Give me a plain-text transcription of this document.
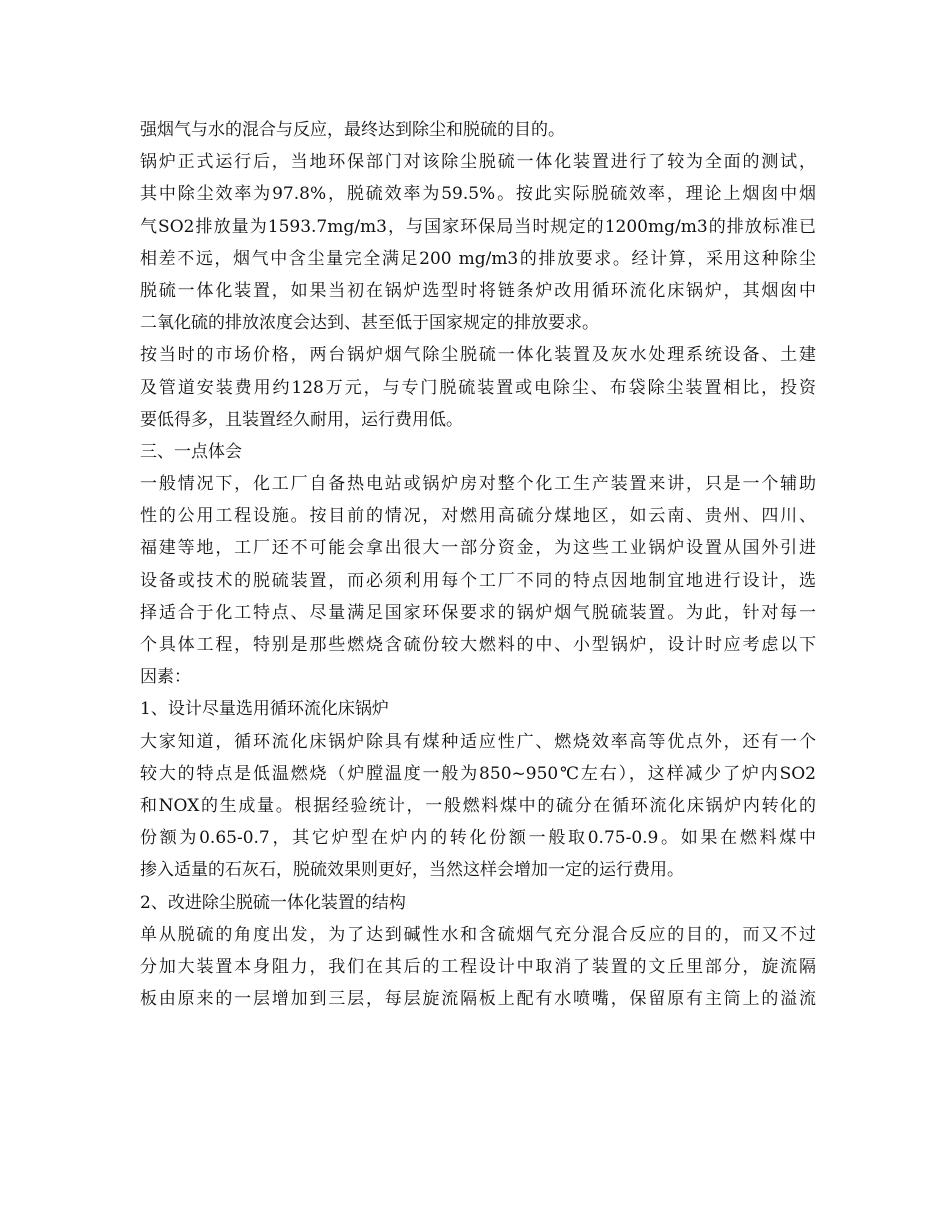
强烟气与水的混合与反应，最终达到除尘和脱硫的目的。
锅炉正式运行后，当地环保部门对该除尘脱硫一体化装置进行了较为全面的测试，
其中除尘效率为97.8%，脱硫效率为59.5%。按此实际脱硫效率，理论上烟囱中烟
气SO2排放量为1593.7mg/m3，与国家环保局当时规定的1200mg/m3的排放标准已
相差不远，烟气中含尘量完全满足200 mg/m3的排放要求。经计算，采用这种除尘
脱硫一体化装置，如果当初在锅炉选型时将链条炉改用循环流化床锅炉，其烟囱中
二氧化硫的排放浓度会达到、甚至低于国家规定的排放要求。
按当时的市场价格，两台锅炉烟气除尘脱硫一体化装置及灰水处理系统设备、土建
及管道安装费用约128万元，与专门脱硫装置或电除尘、布袋除尘装置相比，投资
要低得多，且装置经久耐用，运行费用低。
三、一点体会
一般情况下，化工厂自备热电站或锅炉房对整个化工生产装置来讲，只是一个辅助
性的公用工程设施。按目前的情况，对燃用高硫分煤地区，如云南、贵州、四川、
福建等地，工厂还不可能会拿出很大一部分资金，为这些工业锅炉设置从国外引进
设备或技术的脱硫装置，而必须利用每个工厂不同的特点因地制宜地进行设计，选
择适合于化工特点、尽量满足国家环保要求的锅炉烟气脱硫装置。为此，针对每一
个具体工程，特别是那些燃烧含硫份较大燃料的中、小型锅炉，设计时应考虑以下
因素：
1、设计尽量选用循环流化床锅炉
大家知道，循环流化床锅炉除具有煤种适应性广、燃烧效率高等优点外，还有一个
较大的特点是低温燃烧（炉膛温度一般为850~950℃左右），这样减少了炉内SO2
和NOX的生成量。根据经验统计，一般燃料煤中的硫分在循环流化床锅炉内转化的
份额为0.65-0.7，其它炉型在炉内的转化份额一般取0.75-0.9。如果在燃料煤中
掺入适量的石灰石，脱硫效果则更好，当然这样会增加一定的运行费用。
2、改进除尘脱硫一体化装置的结构
单从脱硫的角度出发，为了达到碱性水和含硫烟气充分混合反应的目的，而又不过
分加大装置本身阻力，我们在其后的工程设计中取消了装置的文丘里部分，旋流隔
板由原来的一层增加到三层，每层旋流隔板上配有水喷嘴，保留原有主筒上的溢流
